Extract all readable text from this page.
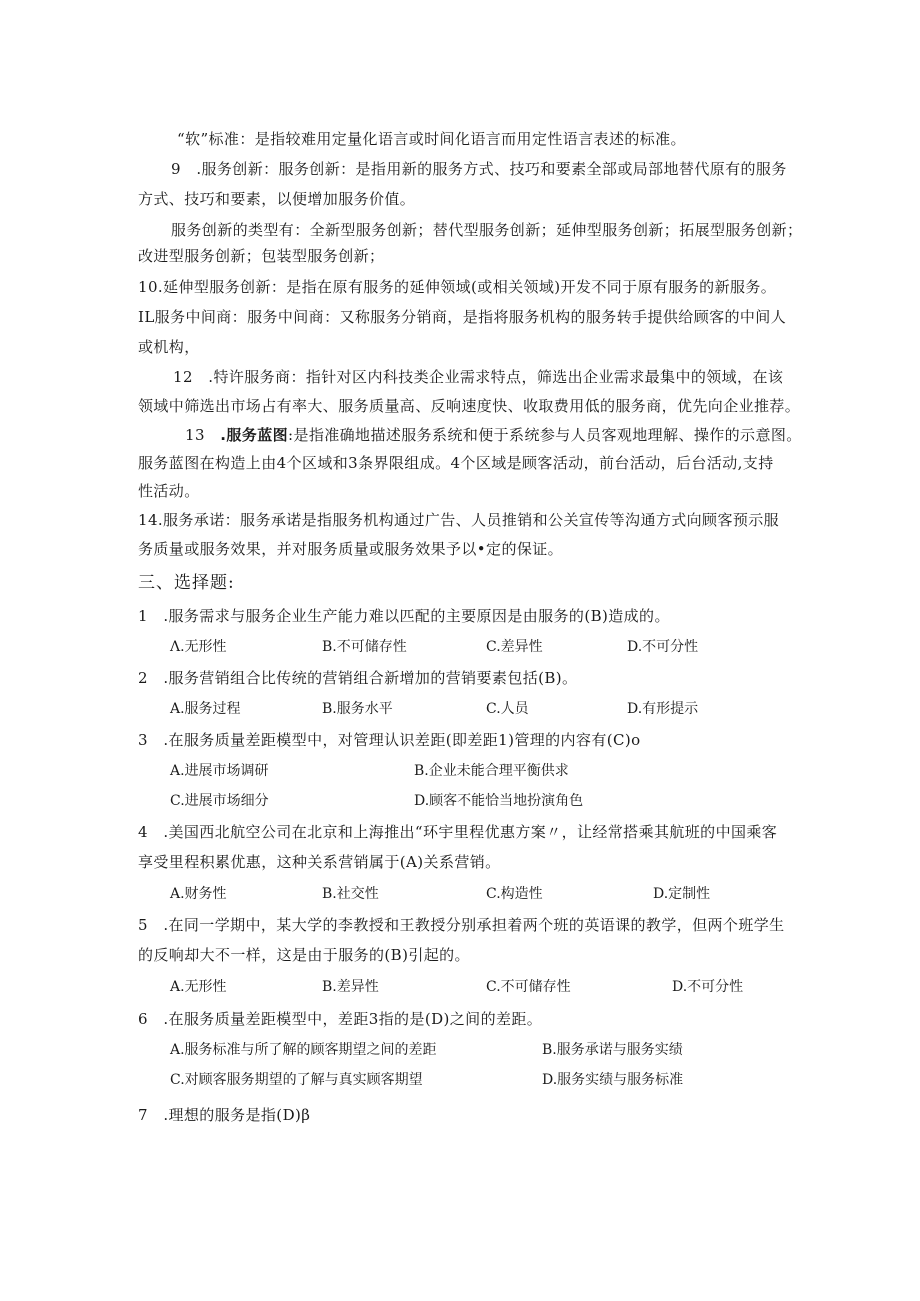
“软”标准：是指较难用定量化语言或时间化语言而用定性语言表述的标准。
9　.服务创新：服务创新：是指用新的服务方式、技巧和要素全部或局部地替代原有的服务
方式、技巧和要素，以便增加服务价值。
服务创新的类型有：全新型服务创新；替代型服务创新；延伸型服务创新；拓展型服务创新；
改进型服务创新；包装型服务创新；
10.延伸型服务创新：是指在原有服务的延伸领域(或相关领域)开发不同于原有服务的新服务。
IL服务中间商：服务中间商：又称服务分销商，是指将服务机构的服务转手提供给顾客的中间人
或机构，
12　.特许服务商：指针对区内科技类企业需求特点，筛选出企业需求最集中的领域，在该
领域中筛选出市场占有率大、服务质量高、反响速度快、收取费用低的服务商，优先向企业推荐。
13　.服务蓝图:是指准确地描述服务系统和便于系统参与人员客观地理解、操作的示意图。
服务蓝图在构造上由4个区域和3条界限组成。4个区域是顾客活动，前台活动，后台活动,支持
性活动。
14.服务承诺：服务承诺是指服务机构通过广告、人员推销和公关宣传等沟通方式向顾客预示服
务质量或服务效果，并对服务质量或服务效果予以•定的保证。
三、选择题:
1　.服务需求与服务企业生产能力难以匹配的主要原因是由服务的(B)造成的。
Λ.无形性	B.不可储存性	C.差异性	D.不可分性
2　.服务营销组合比传统的营销组合新增加的营销要素包括(B)。
A.服务过程	B.服务水平	C.人员	D.有形提示
3　.在服务质量差距模型中，对管理认识差距(即差距1)管理的内容有(C)o
A.进展市场调研	B.企业未能合理平衡供求
C.进展市场细分	D.顾客不能恰当地扮演角色
4　.美国西北航空公司在北京和上海推出“环宇里程优惠方案〃，让经常搭乘其航班的中国乘客
享受里程积累优惠，这种关系营销属于(A)关系营销。
A.财务性	B.社交性	C.构造性	D.定制性
5　.在同一学期中，某大学的李教授和王教授分别承担着两个班的英语课的教学，但两个班学生
的反响却大不一样，这是由于服务的(B)引起的。
A.无形性	B.差异性	C.不可储存性	D.不可分性
6　.在服务质量差距模型中，差距3指的是(D)之间的差距。
A.服务标准与所了解的顾客期望之间的差距	B.服务承诺与服务实绩
C.对顾客服务期望的了解与真实顾客期望	D.服务实绩与服务标准
7　.理想的服务是指(D)β
